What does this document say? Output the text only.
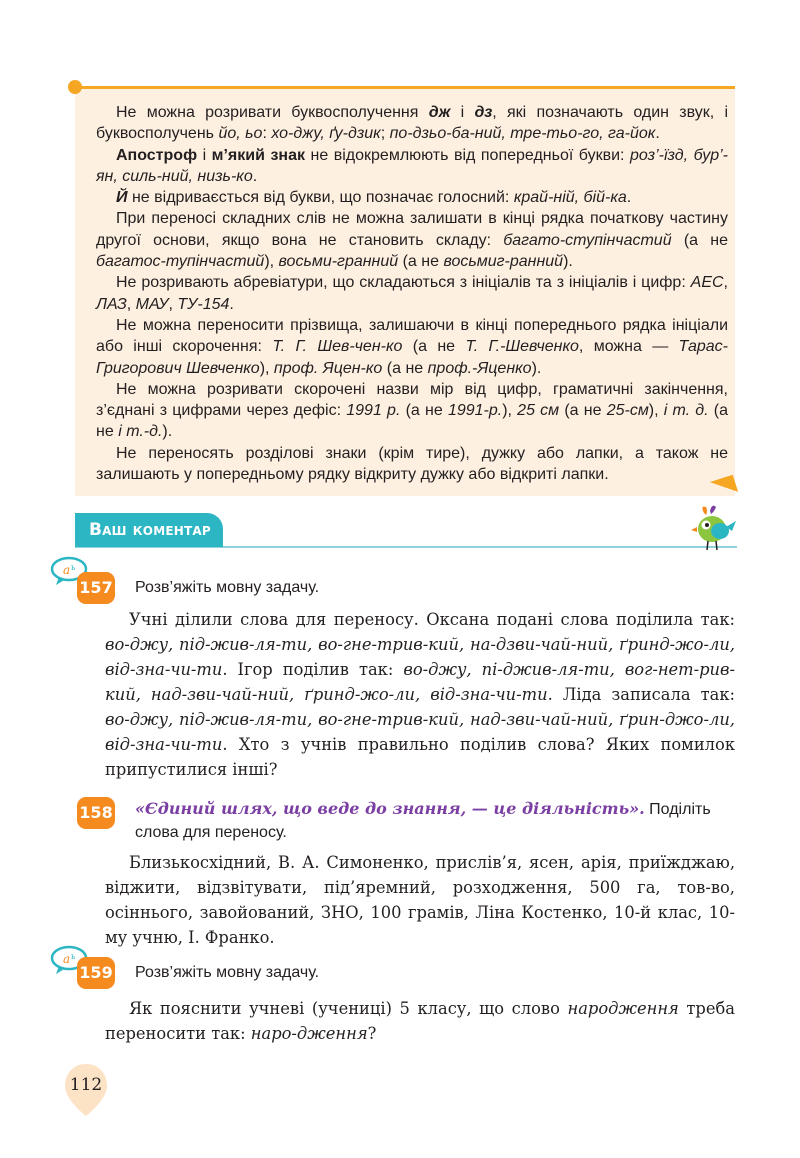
Не можна розривати буквосполучення дж і дз, які позначають один звук, і буквосполучень йо, ьо: хо-джу, ґу-дзик; по-дзьо-ба-ний, тре-тьо-го, га-йок.

Апостроф і м’який знак не відокремлюють від попередньої букви: роз’-їзд, бур’-ян, силь-ний, низь-ко.

Й не відриваєсться від букви, що позначає голосний: край-ній, бій-ка.

При переносі складних слів не можна залишати в кінці рядка початкову частину другої основи, якщо вона не становить складу: багато-ступінчастий (а не багатос-тупінчастий), восьми-гранний (а не восьмиг-ранний).

Не розривають абревіатури, що складаються з ініціалів та з ініціалів і цифр: АЕС, ЛАЗ, МАУ, ТУ-154.

Не можна переносити прізвища, залишаючи в кінці попереднього рядка ініціали або інші скорочення: Т. Г. Шев-чен-ко (а не Т. Г.-Шевченко, можна — Тарас-Григорович Шевченко), проф. Яцен-ко (а не проф.-Яценко).

Не можна розривати скорочені назви мір від цифр, граматичні закінчення, з’єднані з цифрами через дефіс: 1991 р. (а не 1991-р.), 25 см (а не 25-см), і т. д. (а не і т.-д.).

Не переносять розділові знаки (крім тире), дужку або лапки, а також не залишають у попередньому рядку відкриту дужку або відкриті лапки.

Ваш коментар
a ь
157 Розв’яжіть мовну задачу.

Учні ділили слова для переносу. Оксана подані слова поділила так: во-джу, під-жив-ля-ти, во-гне-трив-кий, на-дзви-чай-ний, ґринд-жо-ли, від-зна-чи-ти. Ігор поділив так: во-джу, пі-джив-ля-ти, вог-нет-рив-кий, над-зви-чай-ний, ґринд-жо-ли, від-зна-чи-ти. Ліда записала так: во-джу, під-жив-ля-ти, во-гне-трив-кий, над-зви-чай-ний, ґрин-джо-ли, від-зна-чи-ти. Хто з учнів правильно поділив слова? Яких помилок припустилися інші?

158 «Єдиний шлях, що веде до знання, — це діяльність». Поділіть слова для переносу.

Близькосхідний, В. А. Симоненко, прислів’я, ясен, арія, приїжджаю, віджити, відзвітувати, під’яремний, розходження, 500 га, тов-во, осіннього, завойований, ЗНО, 100 грамів, Ліна Костенко, 10-й клас, 10-му учню, І. Франко.

a ь
159 Розв’яжіть мовну задачу.

Як пояснити учневі (учениці) 5 класу, що слово народження треба переносити так: наро-дження?

112
